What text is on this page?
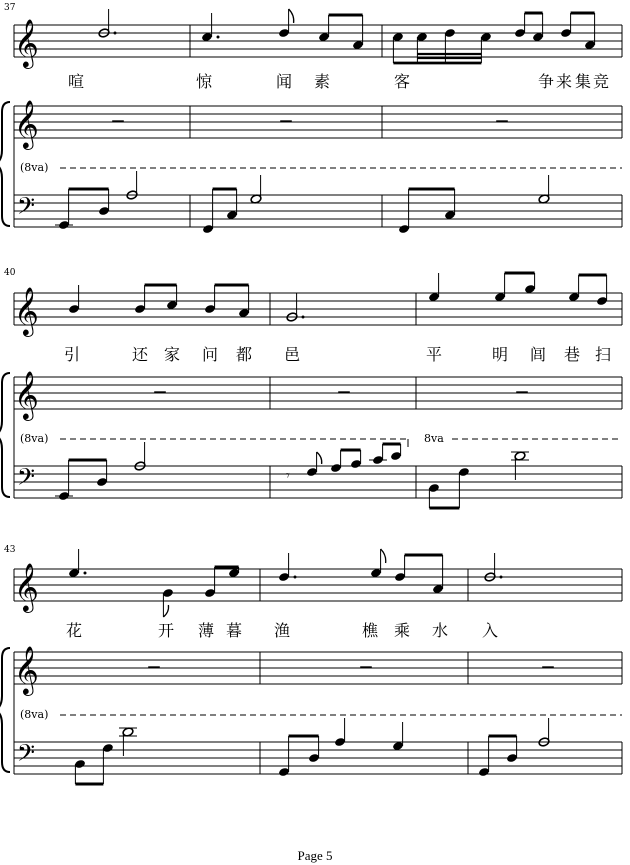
37
𝄞
喧	惊	闻 素	客	争 来 集 竞
𝄞	—	—	—
(8va)
𝄢
40
𝄞
引	还 家 问 都 邑	平	明 闾 巷 扫
𝄞	—	—	—
(8va)	8va
𝄢	𝄾
43
𝄞
花	开 薄 暮 渔	樵 乘 水 入
𝄞	—	—	—
(8va)
𝄢
Page 5
